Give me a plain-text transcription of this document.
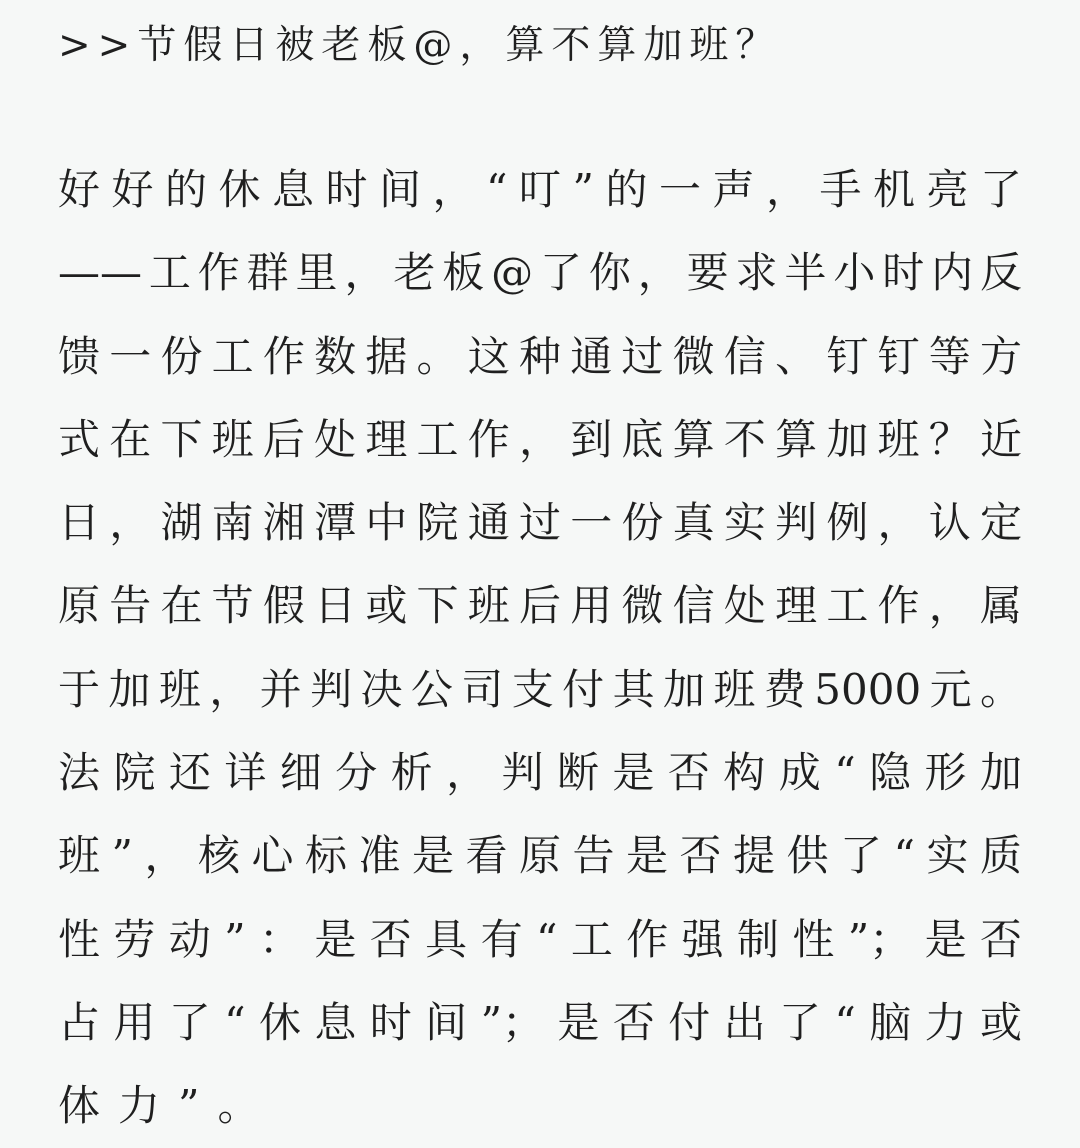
>>节假日被老板@，算不算加班？
好好的休息时间，“叮”的一声，手机亮了
——工作群里，老板@了你，要求半小时内反
馈一份工作数据。这种通过微信、钉钉等方
式在下班后处理工作，到底算不算加班？近
日，湖南湘潭中院通过一份真实判例，认定
原告在节假日或下班后用微信处理工作，属
于加班，并判决公司支付其加班费5000元。
法院还详细分析，判断是否构成“隐形加
班”，核心标准是看原告是否提供了“实质
性劳动”：是否具有“工作强制性”；是否
占用了“休息时间”；是否付出了“脑力或
体力”。
